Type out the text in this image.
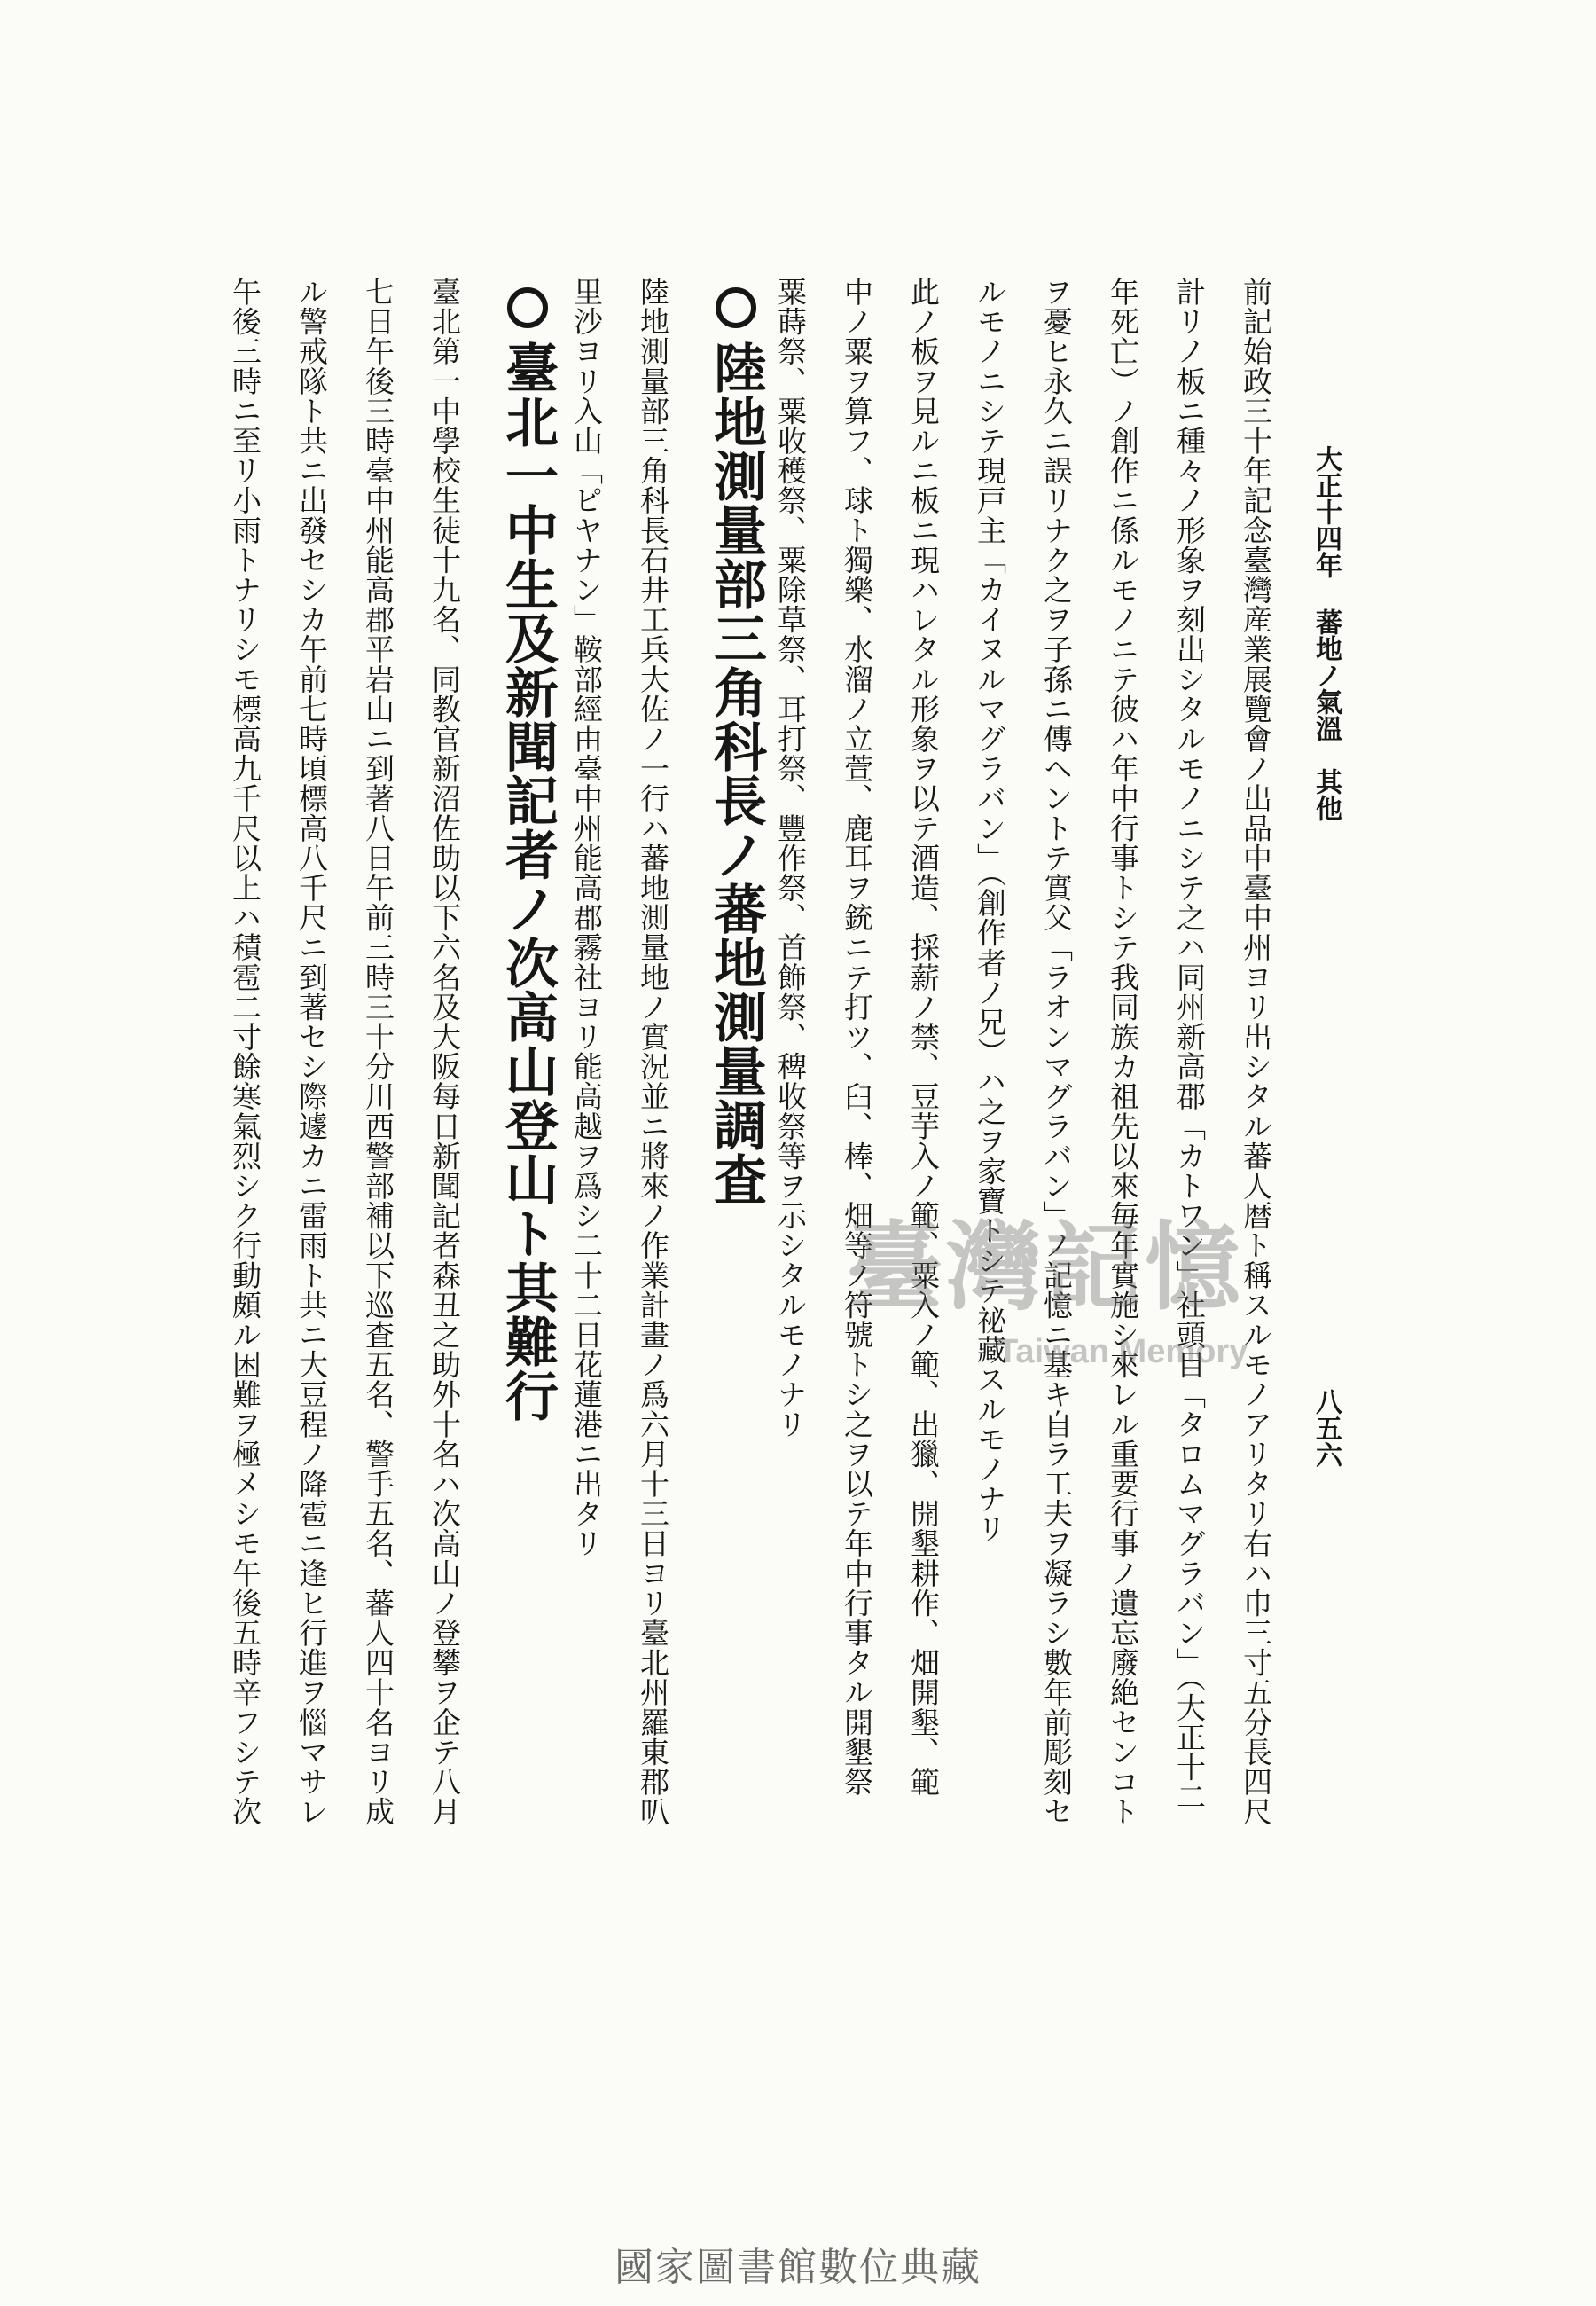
大正十四年蕃地ノ氣溫　其他
八五六
前記始政三十年記念臺灣産業展覽會ノ出品中臺中州ヨリ出シタル蕃人暦ト稱スルモノアリタリ右ハ巾三寸五分長四尺
計リノ板ニ種々ノ形象ヲ刻出シタルモノニシテ之ハ同州新高郡「カトワン」社頭目「タロムマグラバン」（大正十二
年死亡）ノ創作ニ係ルモノニテ彼ハ年中行事トシテ我同族カ祖先以來毎年實施シ來レル重要行事ノ遺忘廢絶センコト
ヲ憂ヒ永久ニ誤リナク之ヲ子孫ニ傳ヘントテ實父「ラオンマグラバン」ノ記憶ニ基キ自ラ工夫ヲ凝ラシ數年前彫刻セ
ルモノニシテ現戸主「カイヌルマグラバン」（創作者ノ兄）ハ之ヲ家寶トシテ祕藏スルモノナリ
此ノ板ヲ見ルニ板ニ現ハレタル形象ヲ以テ酒造、採薪ノ禁、豆芋入ノ範、粟入ノ範、出獵、開墾耕作、畑開墾、範
中ノ粟ヲ算フ、球ト獨樂、水溜ノ立萱、鹿耳ヲ銃ニテ打ツ、臼、棒、畑等ノ符號トシ之ヲ以テ年中行事タル開墾祭
粟蒔祭、粟收穫祭、粟除草祭、耳打祭、豐作祭、首飾祭、稗收祭等ヲ示シタルモノナリ
陸地測量部三角科長ノ蕃地測量調査
陸地測量部三角科長石井工兵大佐ノ一行ハ蕃地測量地ノ實況並ニ將來ノ作業計畫ノ爲六月十三日ヨリ臺北州羅東郡叭
里沙ヨリ入山「ピヤナン」鞍部經由臺中州能高郡霧社ヨリ能高越ヲ爲シ二十二日花蓮港ニ出タリ
臺北一中生及新聞記者ノ次高山登山ト其難行
臺北第一中學校生徒十九名、同教官新沼佐助以下六名及大阪每日新聞記者森丑之助外十名ハ次高山ノ登攀ヲ企テ八月
七日午後三時臺中州能高郡平岩山ニ到著八日午前三時三十分川西警部補以下巡査五名、警手五名、蕃人四十名ヨリ成
ル警戒隊ト共ニ出發セシカ午前七時頃標高八千尺ニ到著セシ際遽カニ雷雨ト共ニ大豆程ノ降雹ニ逢ヒ行進ヲ惱マサレ
午後三時ニ至リ小雨トナリシモ標高九千尺以上ハ積雹二寸餘寒氣烈シク行動頗ル困難ヲ極メシモ午後五時辛フシテ次	臺灣記憶
Taiwan Memory
國家圖書館數位典藏
